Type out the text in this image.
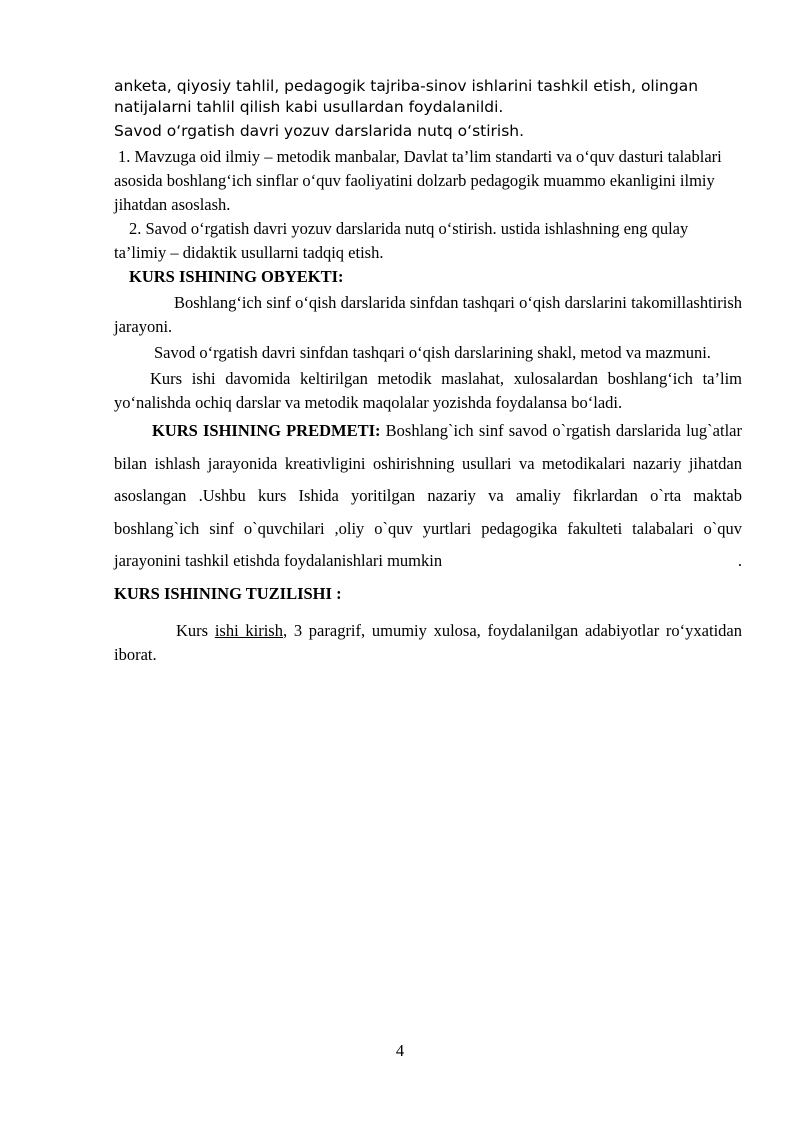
anketa, qiyosiy tahlil, pedagogik tajriba-sinov ishlarini tashkil etish, olingan
natijalarni tahlil qilish kabi usullardan foydalanildi.

Savod o‘rgatish davri yozuv darslarida nutq o‘stirish.

1. Mavzuga oid ilmiy – metodik manbalar, Davlat ta’lim standarti va o‘quv dasturi talablari asosida boshlang‘ich sinflar o‘quv faoliyatini dolzarb pedagogik muammo ekanligini ilmiy jihatdan asoslash.

2. Savod o‘rgatish davri yozuv darslarida nutq o‘stirish. ustida ishlashning eng qulay ta’limiy – didaktik usullarni tadqiq etish.

KURS ISHINING OBYEKTI:

Boshlang‘ich sinf o‘qish darslarida sinfdan tashqari o‘qish darslarini takomillashtirish jarayoni.

Savod o‘rgatish davri sinfdan tashqari o‘qish darslarining shakl, metod va mazmuni.

Kurs ishi davomida keltirilgan metodik maslahat, xulosalardan boshlang‘ich ta’lim yo‘nalishda ochiq darslar va metodik maqolalar yozishda foydalansa bo‘ladi.

KURS ISHINING PREDMETI: Boshlang`ich sinf savod o`rgatish darslarida lug`atlar bilan ishlash jarayonida kreativligini oshirishning usullari va metodikalari nazariy jihatdan asoslangan .Ushbu kurs Ishida yoritilgan nazariy va amaliy fikrlardan o`rta maktab boshlang`ich sinf o`quvchilari ,oliy o`quv yurtlari pedagogika fakulteti talabalari o`quv jarayonini tashkil etishda foydalanishlari mumkin	.

KURS ISHINING TUZILISHI :

Kurs ishi kirish, 3 paragrif, umumiy xulosa, foydalanilgan adabiyotlar ro‘yxatidan iborat.

4
